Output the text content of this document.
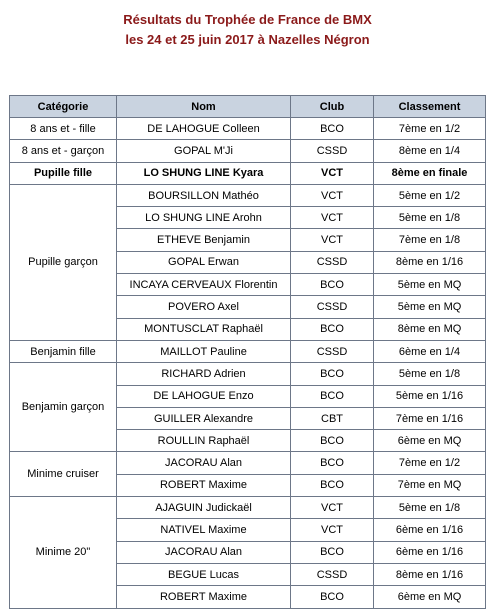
Résultats du Trophée de France de BMX
les 24 et 25 juin 2017 à Nazelles Négron
Catégorie	Nom	Club	Classement
8 ans et - fille	DE LAHOGUE Colleen	BCO	7ème en 1/2
8 ans et - garçon	GOPAL M'Ji	CSSD	8ème en 1/4
Pupille fille	LO SHUNG LINE Kyara	VCT	8ème en finale
Pupille garçon	BOURSILLON Mathéo	VCT	5ème en 1/2
	LO SHUNG LINE Arohn	VCT	5ème en 1/8
	ETHEVE Benjamin	VCT	7ème en 1/8
	GOPAL Erwan	CSSD	8ème en 1/16
	INCAYA CERVEAUX Florentin	BCO	5ème en MQ
	POVERO Axel	CSSD	5ème en MQ
	MONTUSCLAT Raphaël	BCO	8ème en MQ
Benjamin fille	MAILLOT Pauline	CSSD	6ème en 1/4
Benjamin garçon	RICHARD Adrien	BCO	5ème en 1/8
	DE LAHOGUE Enzo	BCO	5ème en 1/16
	GUILLER Alexandre	CBT	7ème en 1/16
	ROULLIN Raphaël	BCO	6ème en MQ
Minime cruiser	JACORAU Alan	BCO	7ème en 1/2
	ROBERT Maxime	BCO	7ème en MQ
Minime 20"	AJAGUIN Judickaël	VCT	5ème en 1/8
	NATIVEL Maxime	VCT	6ème en 1/16
	JACORAU Alan	BCO	6ème en 1/16
	BEGUE Lucas	CSSD	8ème en 1/16
	ROBERT Maxime	BCO	6ème en MQ
